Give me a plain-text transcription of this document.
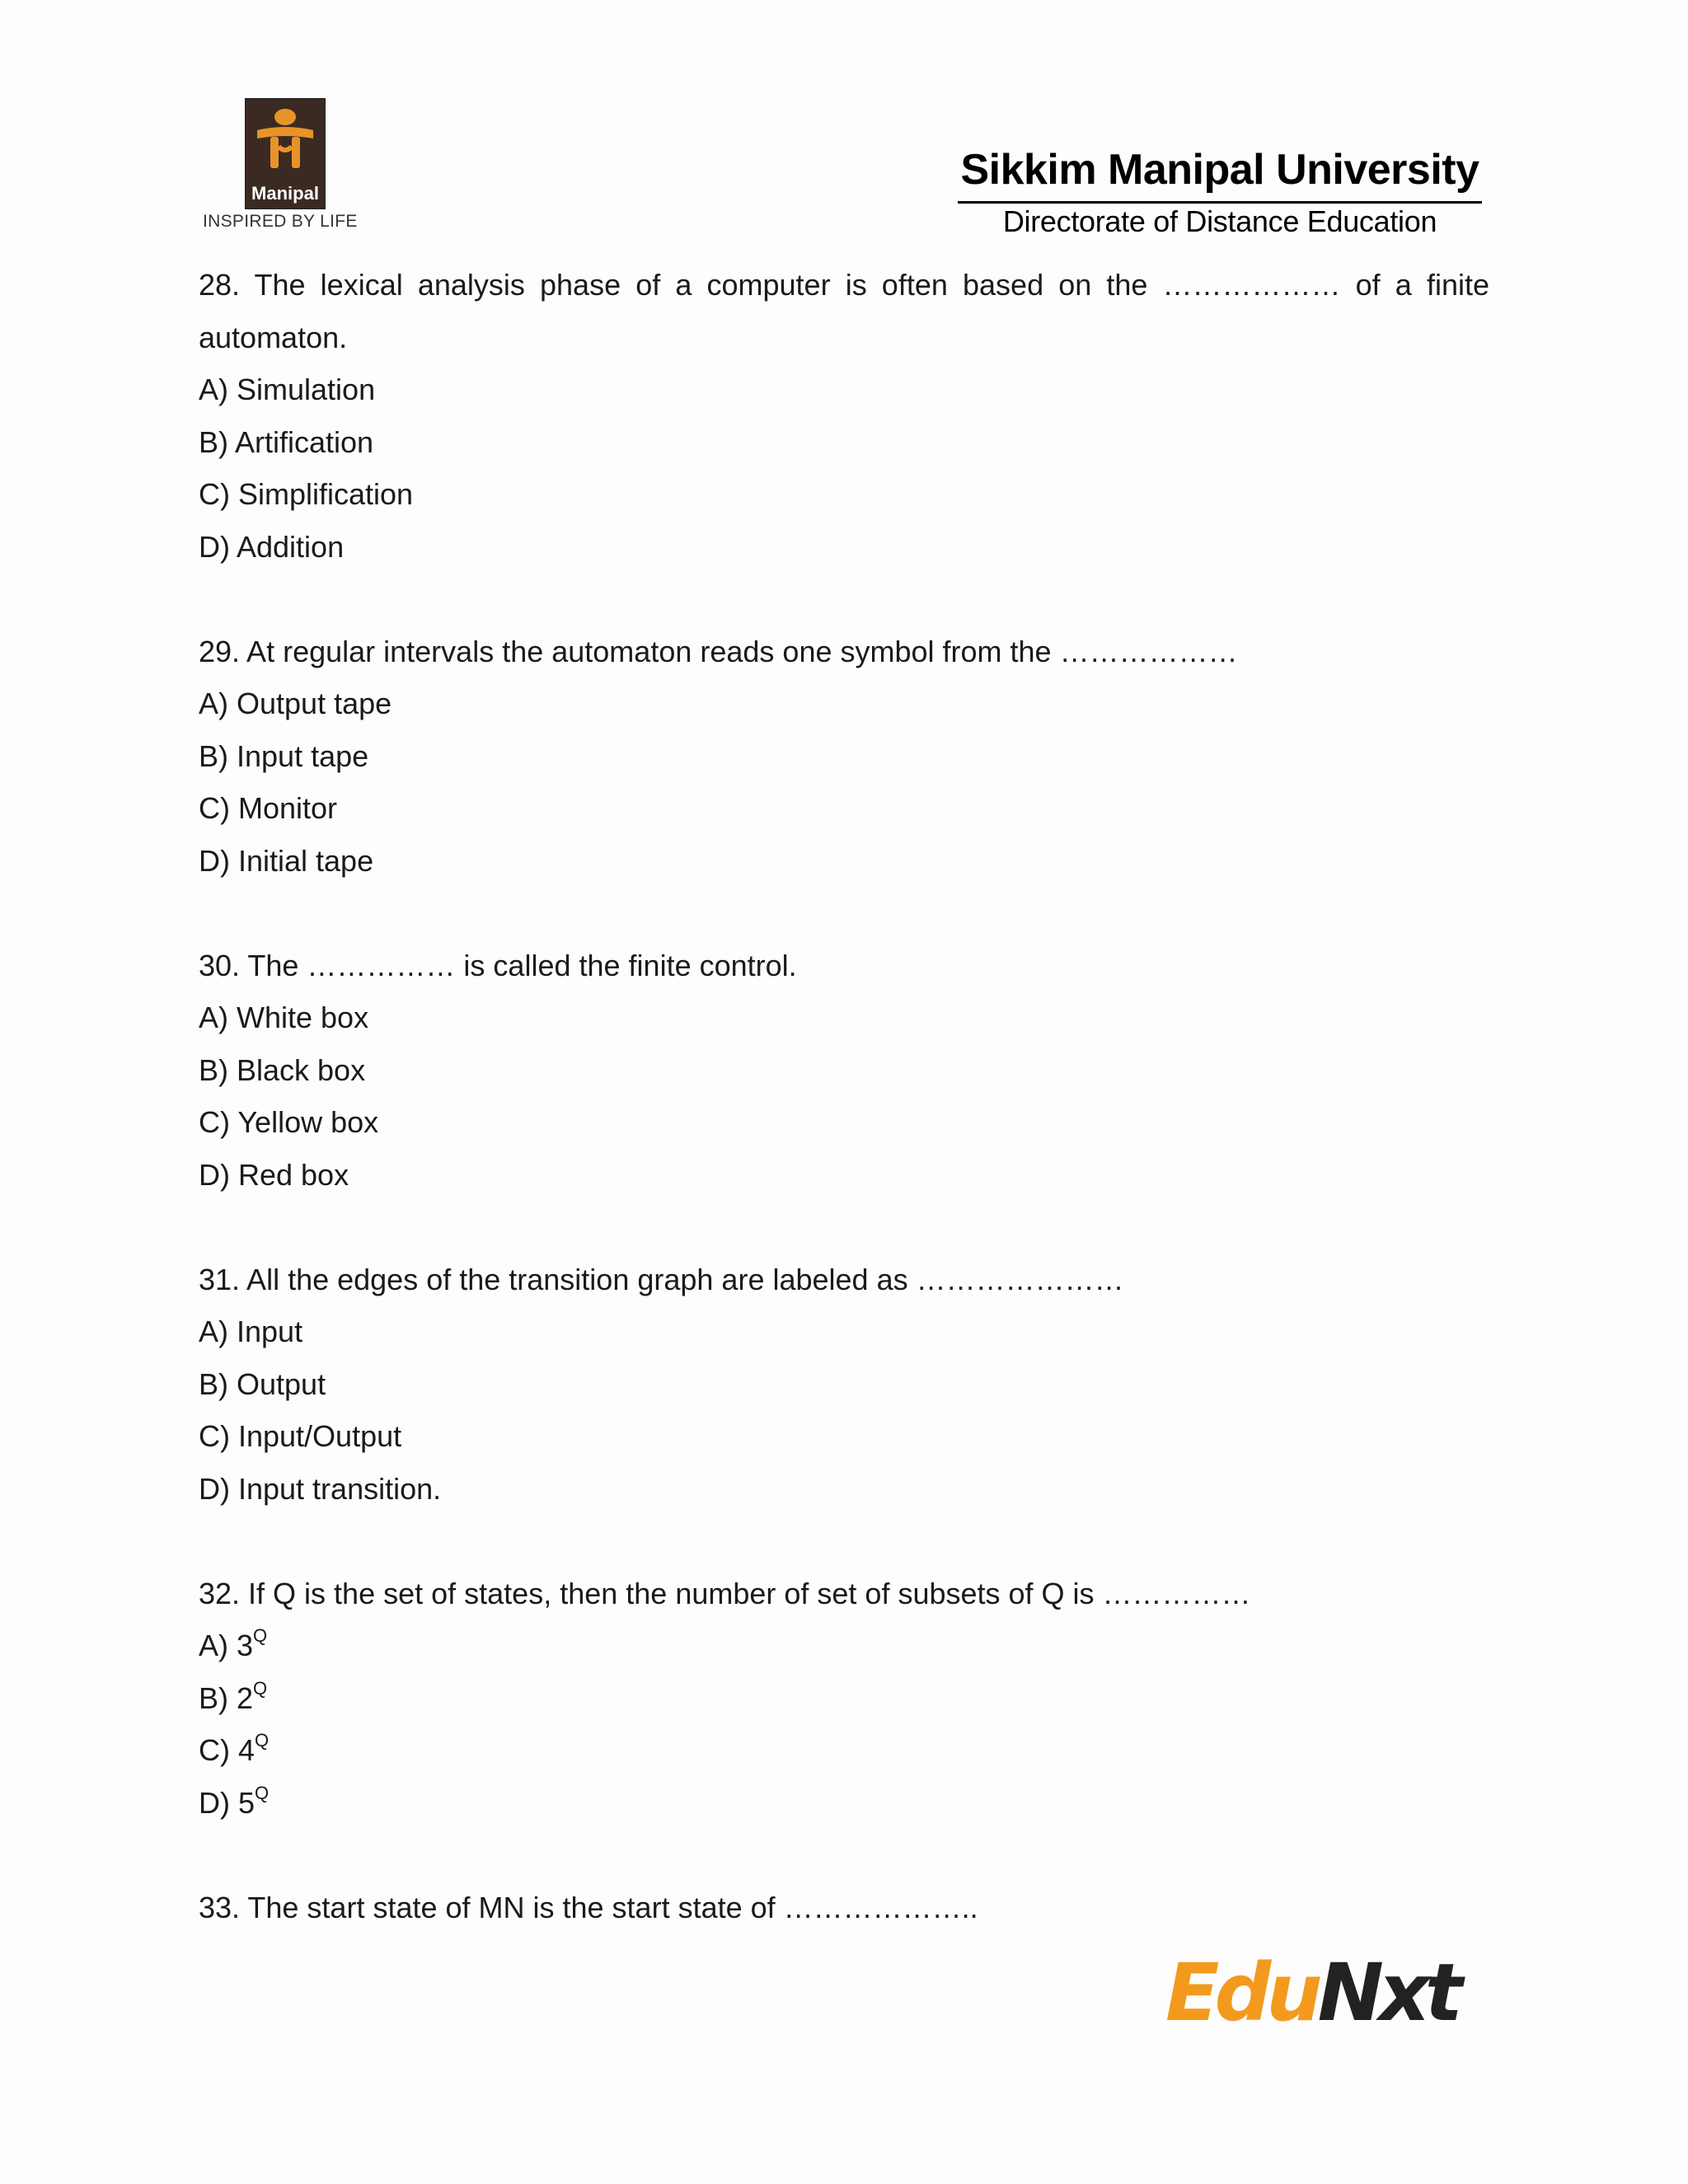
Manipal
INSPIRED BY LIFE
Sikkim Manipal University
Directorate of Distance Education
28. The lexical analysis phase of a computer is often based on the ……………… of a finite automaton.
A) Simulation
B) Artification
C) Simplification
D) Addition
29. At regular intervals the automaton reads one symbol from the ………………
A) Output tape
B) Input tape
C) Monitor
D) Initial tape
30. The …………… is called the finite control.
A) White box
B) Black box
C) Yellow box
D) Red box
31. All the edges of the transition graph are labeled as …………………
A) Input
B) Output
C) Input/Output
D) Input transition.
32. If Q is the set of states, then the number of set of subsets of Q is ……………
A) $3^Q$
B) $2^Q$
C) $4^Q$
D) $5^Q$
33. The start state of MN is the start state of ………………..
EduNxt
